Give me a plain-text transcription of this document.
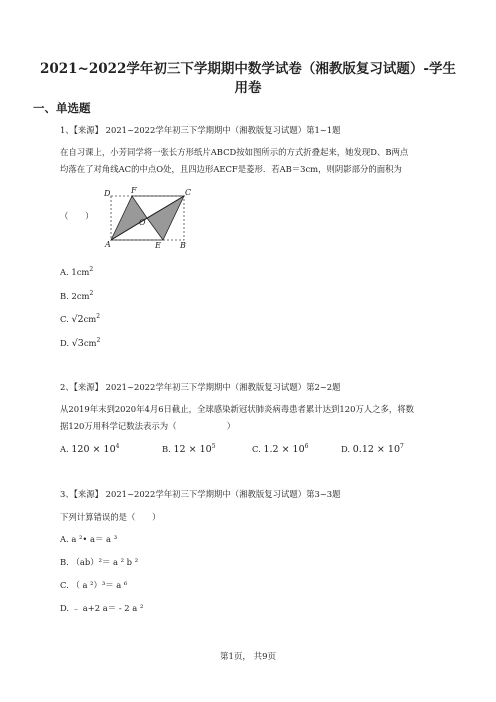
2021~2022学年初三下学期期中数学试卷（湘教版复习试题）-学生
用卷
一、单选题
1、【来源】 2021~2022学年初三下学期期中（湘教版复习试题）第1~1题
在自习课上，小芳同学将一张长方形纸片ABCD按如图所示的方式折叠起来，她发现D、B两点
均落在了对角线AC的中点O处，且四边形AECF是菱形．若AB＝3cm，则阴影部分的面积为
（　　）
D	F	C
O
A	E B
A. $1cm^2$
B. $2cm^2$
C. $√2cm^2$
D. $√3cm^2$
2、【来源】 2021~2022学年初三下学期期中（湘教版复习试题）第2~2题
从2019年末到2020年4月6日截止，全球感染新冠状肺炎病毒患者累计达到120万人之多，将数
据120万用科学记数法表示为（　　　　　　）
A. $120 \times 10^4$	B. $12 \times 10^5$	C. $1.2 \times 10^6$	D. $0.12 \times 10^7$
3、【来源】 2021~2022学年初三下学期期中（湘教版复习试题）第3~3题
下列计算错误的是（　　）
A. a ²• a＝ a ³
B. （ab）²＝ a ² b ²
C. （ a ²）³＝ a ⁶
D. ﹣ a+2 a＝ - 2 a ²
第1页， 共9页
